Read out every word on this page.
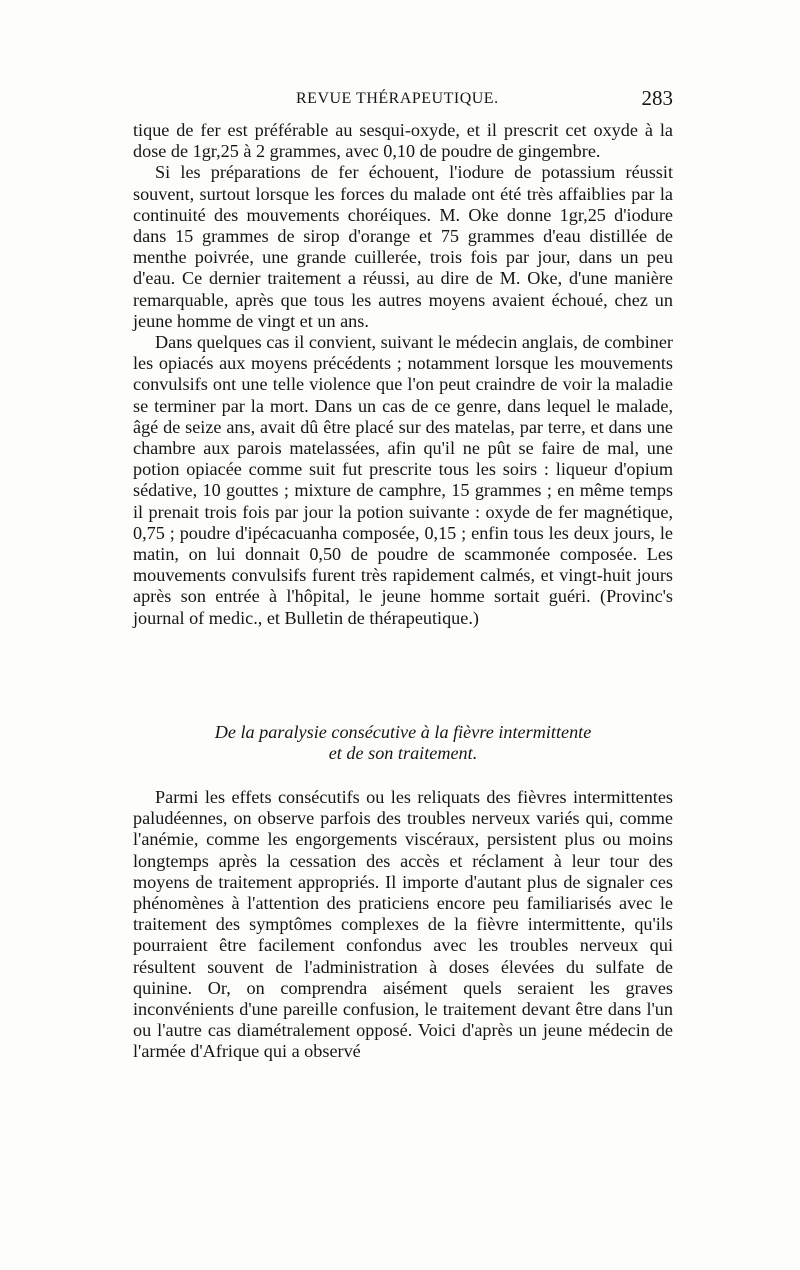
REVUE THÉRAPEUTIQUE.	283

tique de fer est préférable au sesqui-oxyde, et il prescrit cet oxyde à la dose de 1gr,25 à 2 grammes, avec 0,10 de poudre de gingembre.

Si les préparations de fer échouent, l'iodure de potassium réussit souvent, surtout lorsque les forces du malade ont été très affaiblies par la continuité des mouvements choréiques. M. Oke donne 1gr,25 d'iodure dans 15 grammes de sirop d'orange et 75 grammes d'eau distillée de menthe poivrée, une grande cuillerée, trois fois par jour, dans un peu d'eau. Ce dernier traitement a réussi, au dire de M. Oke, d'une manière remarquable, après que tous les autres moyens avaient échoué, chez un jeune homme de vingt et un ans.

Dans quelques cas il convient, suivant le médecin anglais, de combiner les opiacés aux moyens précédents ; notamment lorsque les mouvements convulsifs ont une telle violence que l'on peut craindre de voir la maladie se terminer par la mort. Dans un cas de ce genre, dans lequel le malade, âgé de seize ans, avait dû être placé sur des matelas, par terre, et dans une chambre aux parois matelassées, afin qu'il ne pût se faire de mal, une potion opiacée comme suit fut prescrite tous les soirs : liqueur d'opium sédative, 10 gouttes ; mixture de camphre, 15 grammes ; en même temps il prenait trois fois par jour la potion suivante : oxyde de fer magnétique, 0,75 ; poudre d'ipécacuanha composée, 0,15 ; enfin tous les deux jours, le matin, on lui donnait 0,50 de poudre de scammonée composée. Les mouvements convulsifs furent très rapidement calmés, et vingt-huit jours après son entrée à l'hôpital, le jeune homme sortait guéri. (Provinc's journal of medic., et Bulletin de thérapeutique.)

De la paralysie consécutive à la fièvre intermittente
et de son traitement.

Parmi les effets consécutifs ou les reliquats des fièvres intermittentes paludéennes, on observe parfois des troubles nerveux variés qui, comme l'anémie, comme les engorgements viscéraux, persistent plus ou moins longtemps après la cessation des accès et réclament à leur tour des moyens de traitement appropriés. Il importe d'autant plus de signaler ces phénomènes à l'attention des praticiens encore peu familiarisés avec le traitement des symptômes complexes de la fièvre intermittente, qu'ils pourraient être facilement confondus avec les troubles nerveux qui résultent souvent de l'administration à doses élevées du sulfate de quinine. Or, on comprendra aisément quels seraient les graves inconvénients d'une pareille confusion, le traitement devant être dans l'un ou l'autre cas diamétralement opposé. Voici d'après un jeune médecin de l'armée d'Afrique qui a observé
